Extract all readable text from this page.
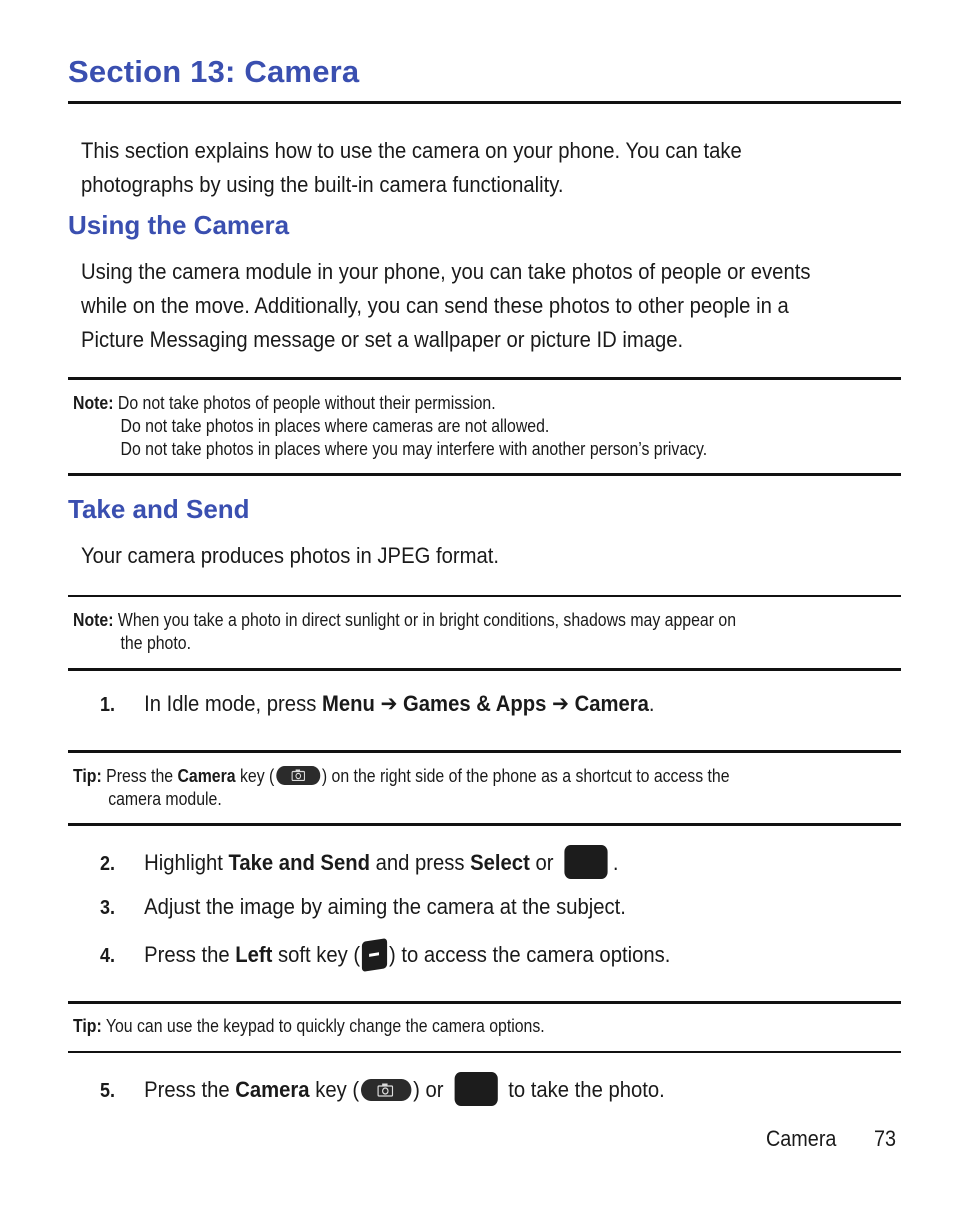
Section 13: Camera
This section explains how to use the camera on your phone. You can take
photographs by using the built-in camera functionality.
Using the Camera
Using the camera module in your phone, you can take photos of people or events
while on the move. Additionally, you can send these photos to other people in a
Picture Messaging message or set a wallpaper or picture ID image.
Note: Do not take photos of people without their permission.
Do not take photos in places where cameras are not allowed.
Do not take photos in places where you may interfere with another person’s privacy.
Take and Send
Your camera produces photos in JPEG format.
Note: When you take a photo in direct sunlight or in bright conditions, shadows may appear on
the photo.
1. In Idle mode, press Menu ➔ Games & Apps ➔ Camera.
Tip: Press the Camera key (	) on the right side of the phone as a shortcut to access the
camera module.
2. Highlight Take and Send and press Select or	.
3. Adjust the image by aiming the camera at the subject.
4. Press the Left soft key ( ) to access the camera options.
Tip: You can use the keypad to quickly change the camera options.
5. Press the Camera key ( ) or	to take the photo.
Camera 73
